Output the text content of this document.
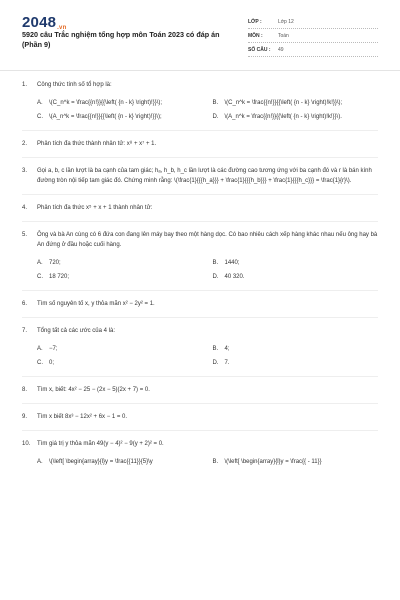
2048.vn
5920 câu Trắc nghiệm tổng hợp môn Toán 2023 có đáp án
(Phần 9)
LỚP :	Lớp 12
MÔN :	Toán
SỐ CÂU :	49
1.	Công thức tính số tổ hợp là:
A.	\(C_n^k = \frac{{n!}}{{\left( {n - k} \right)!}}\);	B.	\(C_n^k = \frac{{n!}}{{\left( {n - k} \right)!k!}}\);
C.	\(A_n^k = \frac{{n!}}{{\left( {n - k} \right)!}}\);	D.	\(A_n^k = \frac{{n!}}{{\left( {n - k} \right)!k!}}\).
2.	Phân tích đa thức thành nhân tử: x⁸ + x⁷ + 1.
3.	Gọi a, b, c lần lượt là ba cạnh của tam giác; hₐ, h_b, h_c lần lượt là các đường cao tương ứng với ba cạnh đó và r là bán kính đường tròn nội tiếp tam giác đó. Chứng minh rằng: \(\frac{1}{{{h_a}}} + \frac{1}{{{h_b}}} + \frac{1}{{{h_c}}} = \frac{1}{r}\).
4.	Phân tích đa thức x⁵ + x + 1 thành nhân tử:
5.	Ông và bà An cùng có 6 đứa con đang lên máy bay theo một hàng dọc. Có bao nhiêu cách xếp hàng khác nhau nếu ông hay bà An đứng ở đầu hoặc cuối hàng.
A.	720;	B.	1440;
C.	18 720;	D.	40 320.
6.	Tìm số nguyên tố x, y thỏa mãn x² − 2y² = 1.
7.	Tổng tất cả các ước của 4 là:
A.	−7;	B.	4;
C.	0;	D.	7.
8.	Tìm x, biết: 4x² − 25 − (2x − 5)(2x + 7) = 0.
9.	Tìm x biết 8x³ − 12x² + 6x − 1 = 0.
10.	Tìm giá trị y thỏa mãn 49(y − 4)² − 9(y + 2)² = 0.
A.	\(\left[ \begin{array}{l}y = \frac{{11}}{5}\y	B.	\(\left[ \begin{array}{l}y = \frac{{ - 11}}
